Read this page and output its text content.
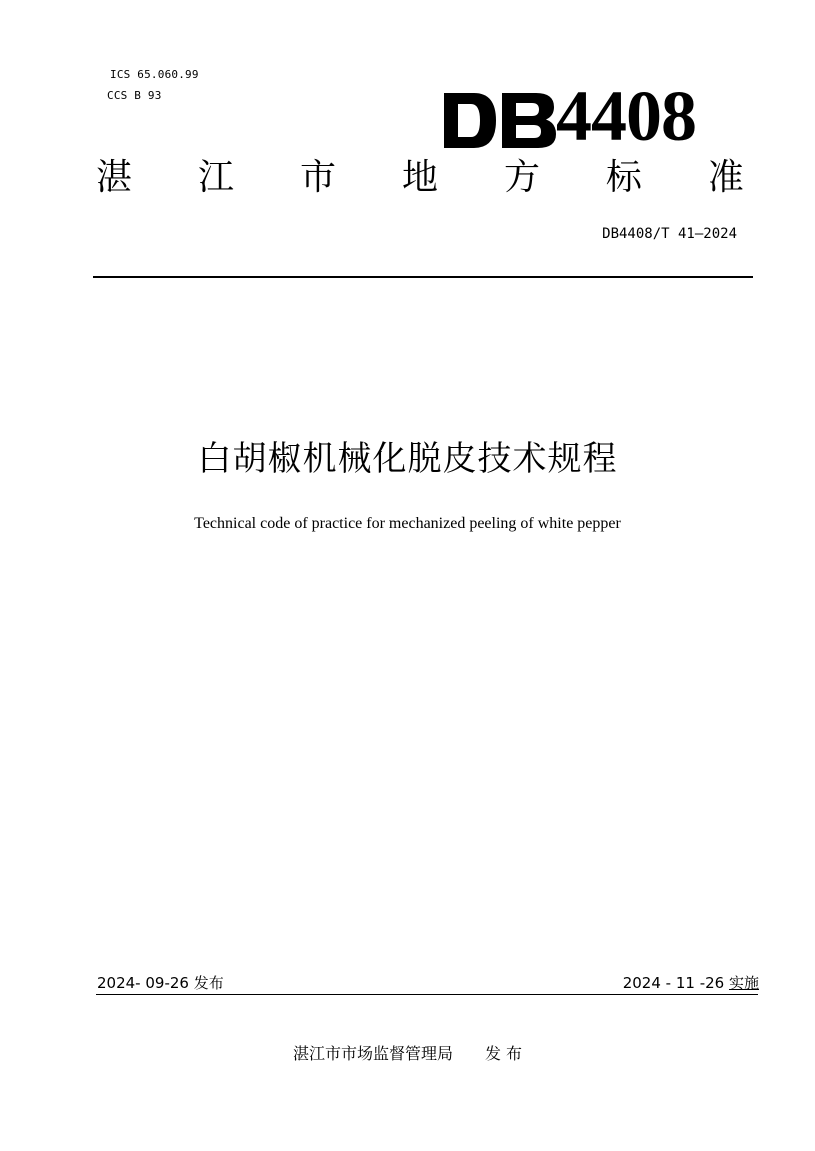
ICS 65.060.99
CCS B 93	4408
湛 江 市 地 方 标 准
DB4408/T 41—2024
白胡椒机械化脱皮技术规程
Technical code of practice for mechanized peeling of white pepper
2024- 09-26 发布	2024 - 11 -26 实施
湛江市市场监督管理局 发 布
